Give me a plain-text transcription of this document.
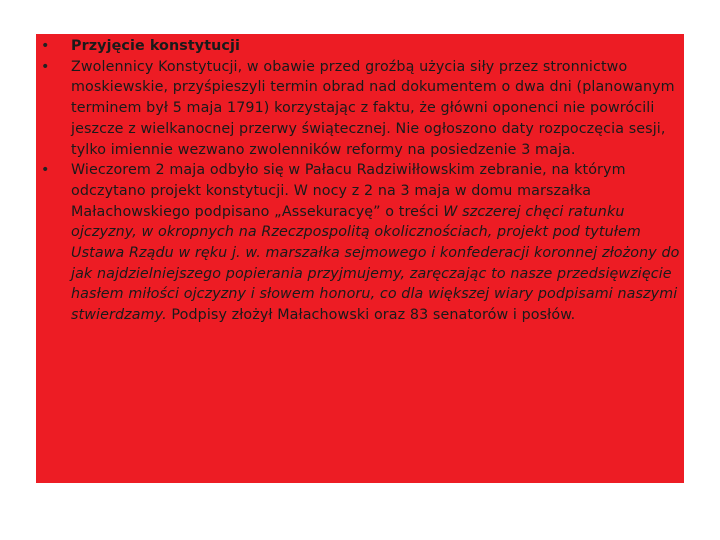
• Przyjęcie konstytucji
• Zwolennicy Konstytucji, w obawie przed groźbą użycia siły przez stronnictwo moskiewskie, przyśpieszyli termin obrad nad dokumentem o dwa dni (planowanym terminem był 5 maja 1791) korzystając z faktu, że główni oponenci nie powrócili jeszcze z wielkanocnej przerwy świątecznej. Nie ogłoszono daty rozpoczęcia sesji, tylko imiennie wezwano zwolenników reformy na posiedzenie 3 maja.
• Wieczorem 2 maja odbyło się w Pałacu Radziwiłłowskim zebranie, na którym odczytano projekt konstytucji. W nocy z 2 na 3 maja w domu marszałka Małachowskiego podpisano „Assekuracyę” o treści W szczerej chęci ratunku ojczyzny, w okropnych na Rzeczpospolitą okolicznościach, projekt pod tytułem Ustawa Rządu w ręku j. w. marszałka sejmowego i konfederacji koronnej złożony do jak najdzielniejszego popierania przyjmujemy, zaręczając to nasze przedsięwzięcie hasłem miłości ojczyzny i słowem honoru, co dla większej wiary podpisami naszymi stwierdzamy. Podpisy złożył Małachowski oraz 83 senatorów i posłów.
